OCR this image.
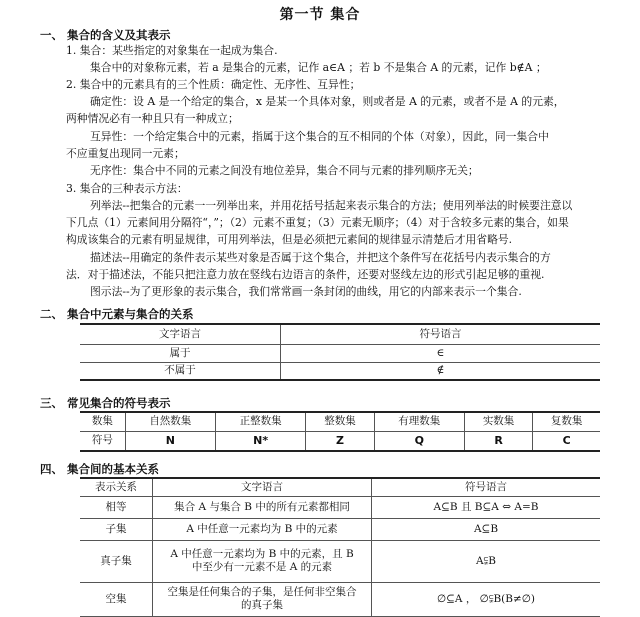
第一节 集合
一、 集合的含义及其表示
1. 集合：某些指定的对象集在一起成为集合.
集合中的对象称元素，若 a 是集合的元素，记作 a∈A ；若 b 不是集合 A 的元素，记作 b∉A ；
2. 集合中的元素具有的三个性质：确定性、无序性、互异性；
确定性：设 A 是一个给定的集合，x 是某一个具体对象，则或者是 A 的元素，或者不是 A 的元素，
两种情况必有一种且只有一种成立；
互异性：一个给定集合中的元素，指属于这个集合的互不相同的个体（对象），因此，同一集合中
不应重复出现同一元素；
无序性：集合中不同的元素之间没有地位差异，集合不同与元素的排列顺序无关；
3. 集合的三种表示方法：
列举法--把集合的元素一一列举出来，并用花括号括起来表示集合的方法；使用列举法的时候要注意以
下几点（1）元素间用分隔符“，”；（2）元素不重复；（3）元素无顺序；（4）对于含较多元素的集合，如果
构成该集合的元素有明显规律，可用列举法，但是必须把元素间的规律显示清楚后才用省略号.
描述法--用确定的条件表示某些对象是否属于这个集合，并把这个条件写在花括号内表示集合的方
法．对于描述法，不能只把注意力放在竖线右边语言的条件，还要对竖线左边的形式引起足够的重视.
图示法--为了更形象的表示集合，我们常常画一条封闭的曲线，用它的内部来表示一个集合.
二、 集合中元素与集合的关系
文字语言	符号语言
属于	∈
不属于	∉
三、 常见集合的符号表示
数集	自然数集	正整数集	整数集	有理数集	实数集	复数集
符号	N	N*	Z	Q	R	C
四、 集合间的基本关系
表示关系	文字语言	符号语言
相等	集合 A 与集合 B 中的所有元素都相同	A⊆B 且 B⊆A ⇔ A=B
子集	A 中任意一元素均为 B 中的元素	A⊆B
真子集	A 中任意一元素均为 B 中的元素，且 B
中至少有一元素不是 A 的元素	A⫋B
空集	空集是任何集合的子集，是任何非空集合
的真子集	∅⊆A ， ∅⫋B(B≠∅)
